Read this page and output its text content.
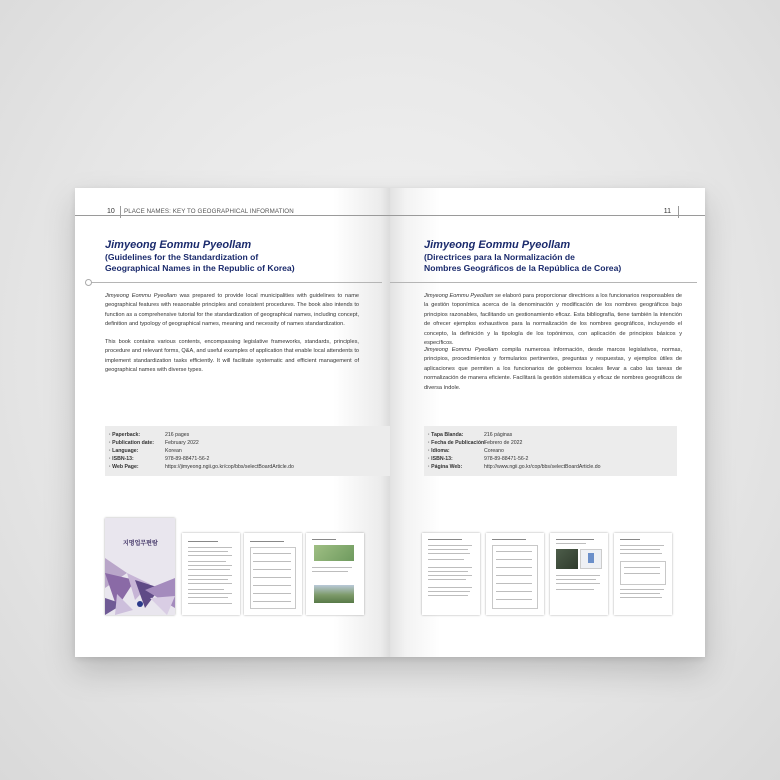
10 PLACE NAMES: KEY TO GEOGRAPHICAL INFORMATION
Jimyeong Eommu Pyeollam
(Guidelines for the Standardization of
Geographical Names in the Republic of Korea)
Jimyeong Eommu Pyeollam was prepared to provide local municipalities with guidelines to name geographical features with reasonable principles and consistent procedures. The book also intends to function as a comprehensive tutorial for the standardization of geographical names, including concept, definition and typology of geographical names, meaning and necessity of names standardization.
This book contains various contents, encompassing legislative frameworks, standards, principles, procedure and relevant forms, Q&A, and useful examples of application that enable local attendents to implement standardization tasks efficiently. It will facilitate systematic and efficient management of geographical names with diverse types.
· Paperback:	216 pages
· Publication date: February 2022
· Language:	Korean
· ISBN-13:	978-89-88471-56-2
· Web Page:	https://jimyeong.ngii.go.kr/cop/bbs/selectBoardArticle.do
지명업무편람
11
Jimyeong Eommu Pyeollam
(Directrices para la Normalización de
Nombres Geográficos de la República de Corea)
Jimyeong Eommu Pyeollam se elaboró para proporcionar directrices a los funcionarios responsables de la gestión toponímica acerca de la denominación y modificación de los nombres geográficos bajo principios razonables, facilitando un gestionamiento eficaz. Esta bibliografía, tiene también la intención de ofrecer ejemplos exhaustivos para la normalización de los nombres geográficos, incluyendo el concepto, la definición y la tipología de los topónimos, con aplicación de principios básicos y específicos.
Jimyeong Eommu Pyeollam compila numerosa información, desde marcos legislativos, normas, principios, procedimientos y formularios pertinentes, preguntas y respuestas, y ejemplos útiles de aplicaciones que permiten a los funcionarios de gobiernos locales llevar a cabo las tareas de normalización de manera eficiente. Facilitará la gestión sistemática y eficaz de nombres geográficos de diversa índole.
· Tapa Blanda:	216 páginas
· Fecha de Publicación:
Febrero de 2022
· Idioma:	Coreano
· ISBN-13:	978-89-88471-56-2
· Página Web:	http://www.ngii.go.kr/cop/bbs/selectBoardArticle.do
